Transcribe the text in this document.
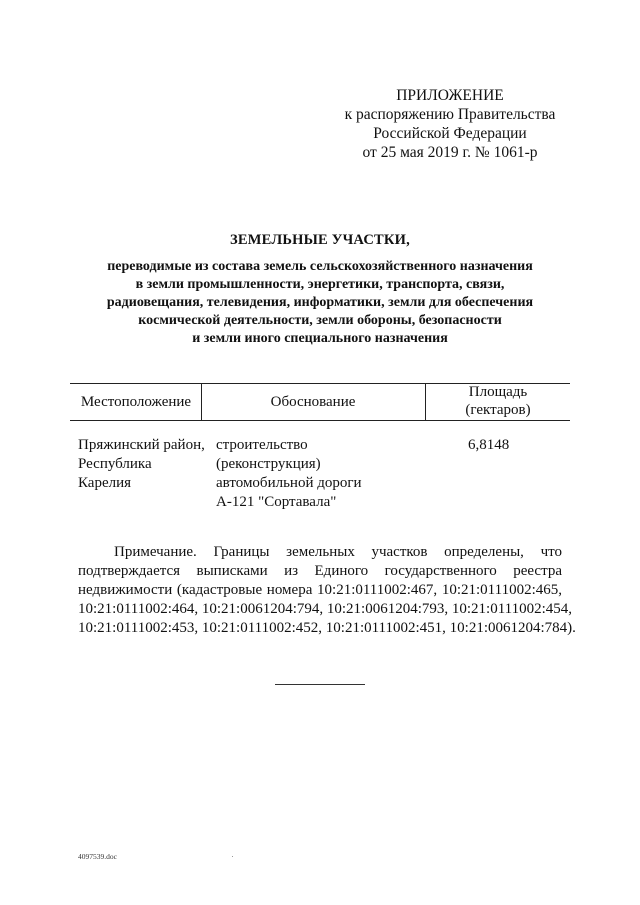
ПРИЛОЖЕНИЕ
к распоряжению Правительства
Российской Федерации
от 25 мая 2019 г. № 1061-р
ЗЕМЕЛЬНЫЕ УЧАСТКИ,
переводимые из состава земель сельскохозяйственного назначения
в земли промышленности, энергетики, транспорта, связи,
радиовещания, телевидения, информатики, земли для обеспечения
космической деятельности, земли обороны, безопасности
и земли иного специального назначения
Местоположение	Обоснование
Площадь
(гектаров)
Пряжинский район,
Республика
Карелия
строительство
(реконструкция)
автомобильной дороги
А-121 "Сортавала"
6,8148
Примечание. Границы земельных участков определены, что
подтверждается выписками из Единого государственного реестра
недвижимости (кадастровые номера 10:21:0111002:467, 10:21:0111002:465,
10:21:0111002:464, 10:21:0061204:794, 10:21:0061204:793, 10:21:0111002:454,
10:21:0111002:453, 10:21:0111002:452, 10:21:0111002:451, 10:21:0061204:784).
4097539.doc
